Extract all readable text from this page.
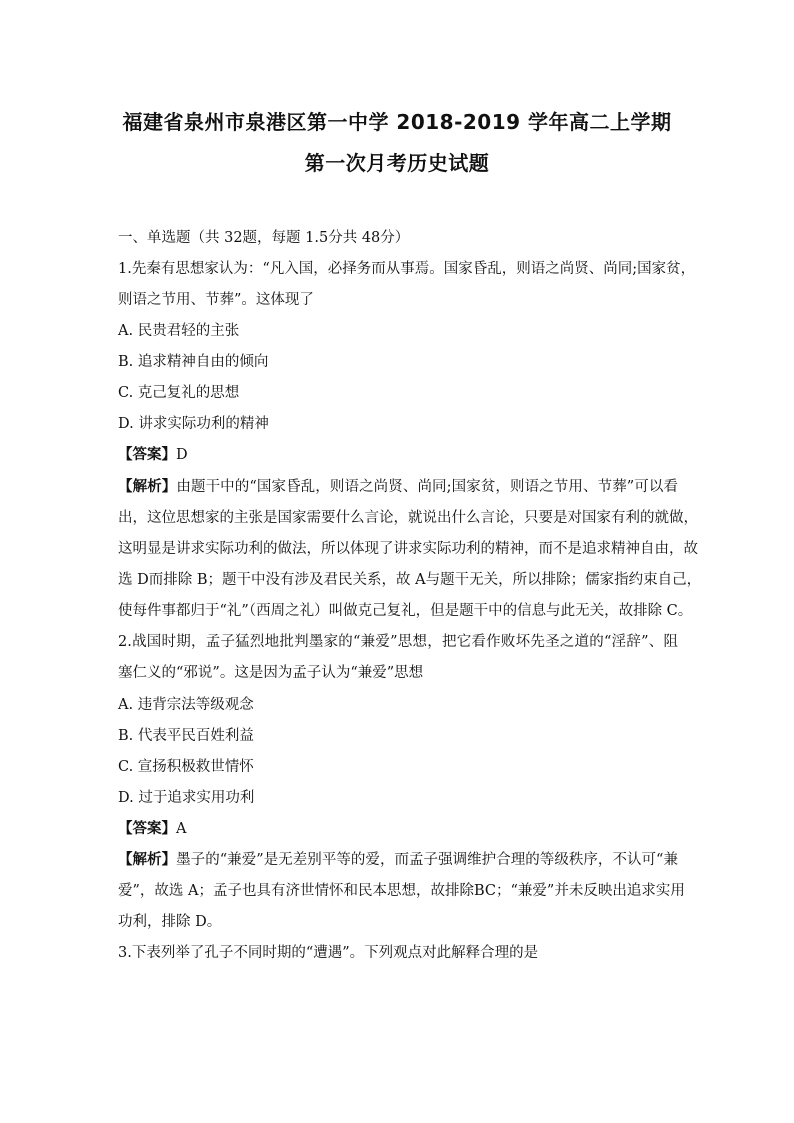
福建省泉州市泉港区第一中学 2018-2019 学年高二上学期
第一次月考历史试题
一、单选题（共 32题，每题 1.5分共 48分）
1.先秦有思想家认为：“凡入国，必择务而从事焉。国家昏乱，则语之尚贤、尚同;国家贫，
则语之节用、节葬”。这体现了
A. 民贵君轻的主张
B. 追求精神自由的倾向
C. 克己复礼的思想
D. 讲求实际功利的精神
【答案】D
【解析】由题干中的“国家昏乱，则语之尚贤、尚同;国家贫，则语之节用、节葬”可以看
出，这位思想家的主张是国家需要什么言论，就说出什么言论，只要是对国家有利的就做，
这明显是讲求实际功利的做法，所以体现了讲求实际功利的精神，而不是追求精神自由，故
选 D而排除 B；题干中没有涉及君民关系，故 A与题干无关，所以排除；儒家指约束自己，
使每件事都归于“礼”（西周之礼）叫做克己复礼，但是题干中的信息与此无关，故排除 C。
2.战国时期，孟子猛烈地批判墨家的“兼爱”思想，把它看作败坏先圣之道的“淫辞”、阻
塞仁义的“邪说”。这是因为孟子认为“兼爱”思想
A. 违背宗法等级观念
B. 代表平民百姓利益
C. 宣扬积极救世情怀
D. 过于追求实用功利
【答案】A
【解析】墨子的“兼爱”是无差别平等的爱，而孟子强调维护合理的等级秩序，不认可“兼
爱”，故选 A；孟子也具有济世情怀和民本思想，故排除BC；“兼爱”并未反映出追求实用
功利，排除 D。
3.下表列举了孔子不同时期的“遭遇”。下列观点对此解释合理的是
